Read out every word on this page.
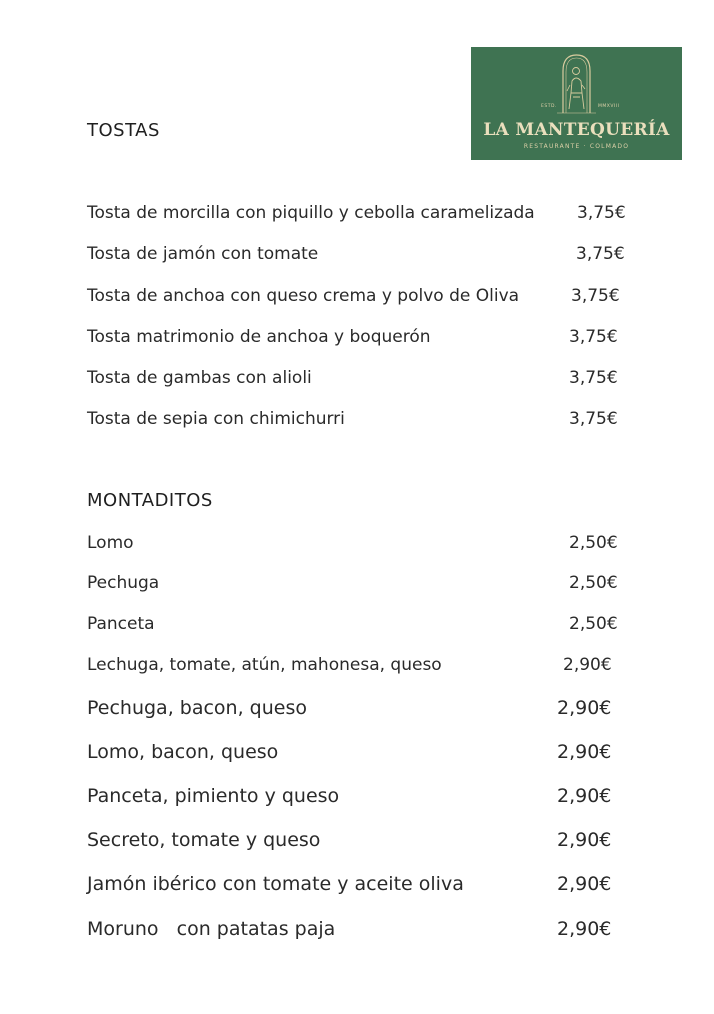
ESTD.	MMXVIII
LA MANTEQUERÍA
RESTAURANTE · COLMADO
TOSTAS
Tosta de morcilla con piquillo y cebolla caramelizada 3,75€
Tosta de jamón con tomate	3,75€
Tosta de anchoa con queso crema y polvo de Oliva	3,75€
Tosta matrimonio de anchoa y boquerón	3,75€
Tosta de gambas con alioli	3,75€
Tosta de sepia con chimichurri	3,75€
MONTADITOS
Lomo	2,50€
Pechuga	2,50€
Panceta	2,50€
Lechuga, tomate, atún, mahonesa, queso	2,90€
Pechuga, bacon, queso	2,90€
Lomo, bacon, queso	2,90€
Panceta, pimiento y queso	2,90€
Secreto, tomate y queso	2,90€
Jamón ibérico con tomate y aceite oliva	2,90€
Moruno   con patatas paja	2,90€
